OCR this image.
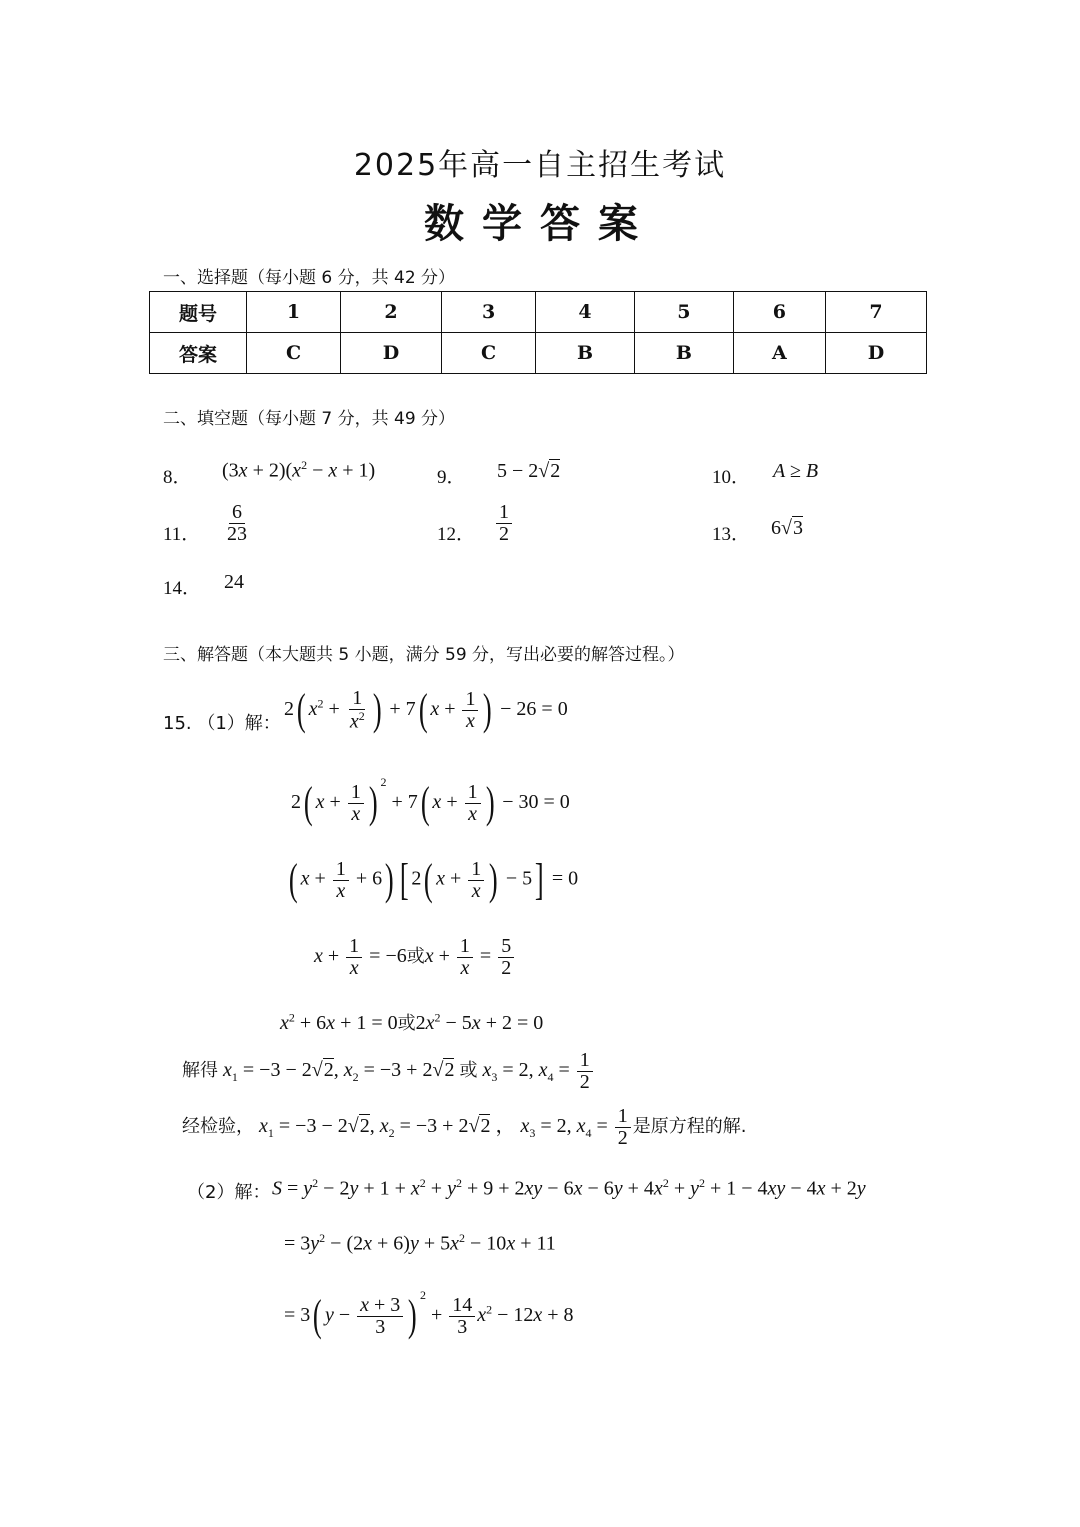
2025年高一自主招生考试
数学答案
一、选择题（每小题 6 分，共 42 分）
题号	1	2	3	4	5	6	7
答案	C	D	C	B	B	A	D
二、填空题（每小题 7 分，共 49 分）
8． $(3x + 2)(x^2 - x + 1)$	9． 5 − 2√2	10． A ≥ B
11． $\frac{6}{23}$	12． $\frac{1}{2}$	13． 6√3
14． 24
三、解答题（本大题共 5 小题，满分 59 分，写出必要的解答过程。）
15. （1）解：
2( $x^2 + \frac{1}{x^2}$ ) + 7( $x + \frac{1}{x}$ ) − 26 = 0
2( $x + \frac{1}{x}$ ) $^2$ + 7( $x + \frac{1}{x}$ ) − 30 = 0
( $x + \frac{1}{x} + 6$) [ 2( $x + \frac{1}{x}$ ) − 5] = 0
$x + \frac{1}{x} = -6$或$x + \frac{1}{x} = \frac{5}{2}$
$x^2 + 6x + 1 = 0$或$2x^2 - 5x + 2 = 0$
解得 $x_1 = -3 - 2√2$, $x_2 = -3 + 2√2$ 或 $x_3 = 2$, $x_4 = \frac{1}{2}$
经检验， $x_1 = -3 - 2√2$, $x_2 = -3 + 2√2$ ， $x_3 = 2$, $x_4 = \frac{1}{2}$ 是原方程的解.
（2）解： $S = y^2 - 2y + 1 + x^2 + y^2 + 9 + 2xy - 6x - 6y + 4x^2 + y^2 + 1 - 4xy - 4x + 2y$
= $3y^2 - (2x + 6)y + 5x^2 - 10x + 11$
= 3( $y - \frac{x + 3}{3}$ ) $^2 + \frac{14}{3} x^2 - 12x + 8$
